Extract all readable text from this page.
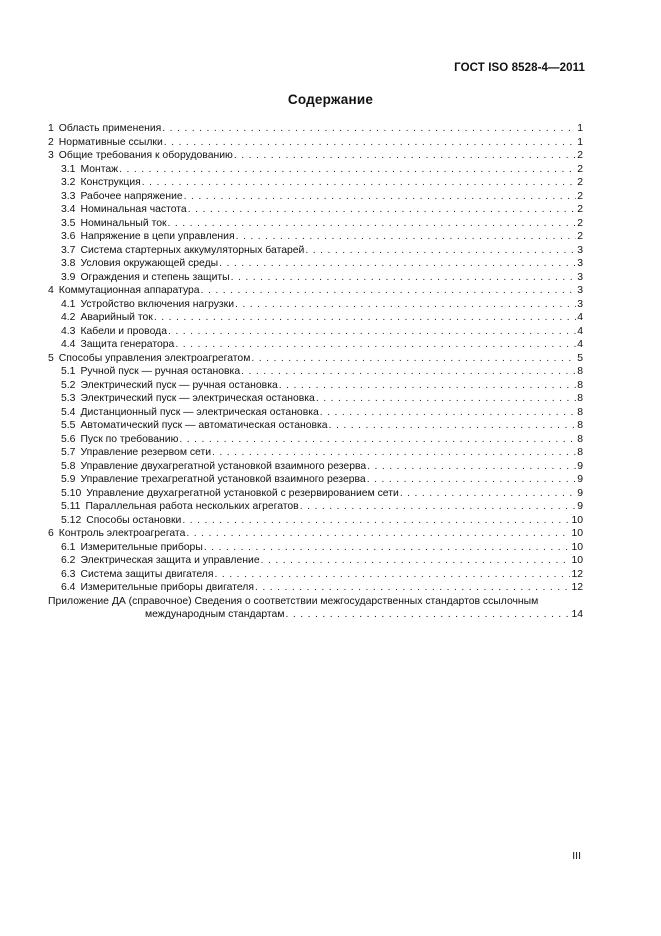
ГОСТ ISO 8528-4—2011
Содержание
1 Область применения . . .	1
2 Нормативные ссылки . . .	1
3 Общие требования к оборудованию . . .	2
3.1 Монтаж . . .	2
3.2 Конструкция . . .	2
3.3 Рабочее напряжение . . .	2
3.4 Номинальная частота . . .	2
3.5 Номинальный ток . . .	2
3.6 Напряжение в цепи управления . . .	2
3.7 Система стартерных аккумуляторных батарей . . .	3
3.8 Условия окружающей среды . . .	3
3.9 Ограждения и степень защиты . . .	3
4 Коммутационная аппаратура . . .	3
4.1 Устройство включения нагрузки . . .	3
4.2 Аварийный ток . . .	4
4.3 Кабели и провода . . .	4
4.4 Защита генератора . . .	4
5 Способы управления электроагрегатом . . .	5
5.1 Ручной пуск — ручная остановка . . .	8
5.2 Электрический пуск — ручная остановка . . .	8
5.3 Электрический пуск — электрическая остановка . . .	8
5.4 Дистанционный пуск — электрическая остановка . . .	8
5.5 Автоматический пуск — автоматическая остановка . . .	8
5.6 Пуск по требованию . . .	8
5.7 Управление резервом сети . . .	8
5.8 Управление двухагрегатной установкой взаимного резерва . . .	9
5.9 Управление трехагрегатной установкой взаимного резерва . . .	9
5.10 Управление двухагрегатной установкой с резервированием сети . . .	9
5.11 Параллельная работа нескольких агрегатов . . .	9
5.12 Способы остановки . . .	10
6 Контроль электроагрегата . . .	10
6.1 Измерительные приборы . . .	10
6.2 Электрическая защита и управление . . .	10
6.3 Система защиты двигателя . . .	12
6.4 Измерительные приборы двигателя . . .	12
Приложение ДА (справочное) Сведения о соответствии межгосударственных стандартов ссылочным
международным стандартам . . .	14
III
